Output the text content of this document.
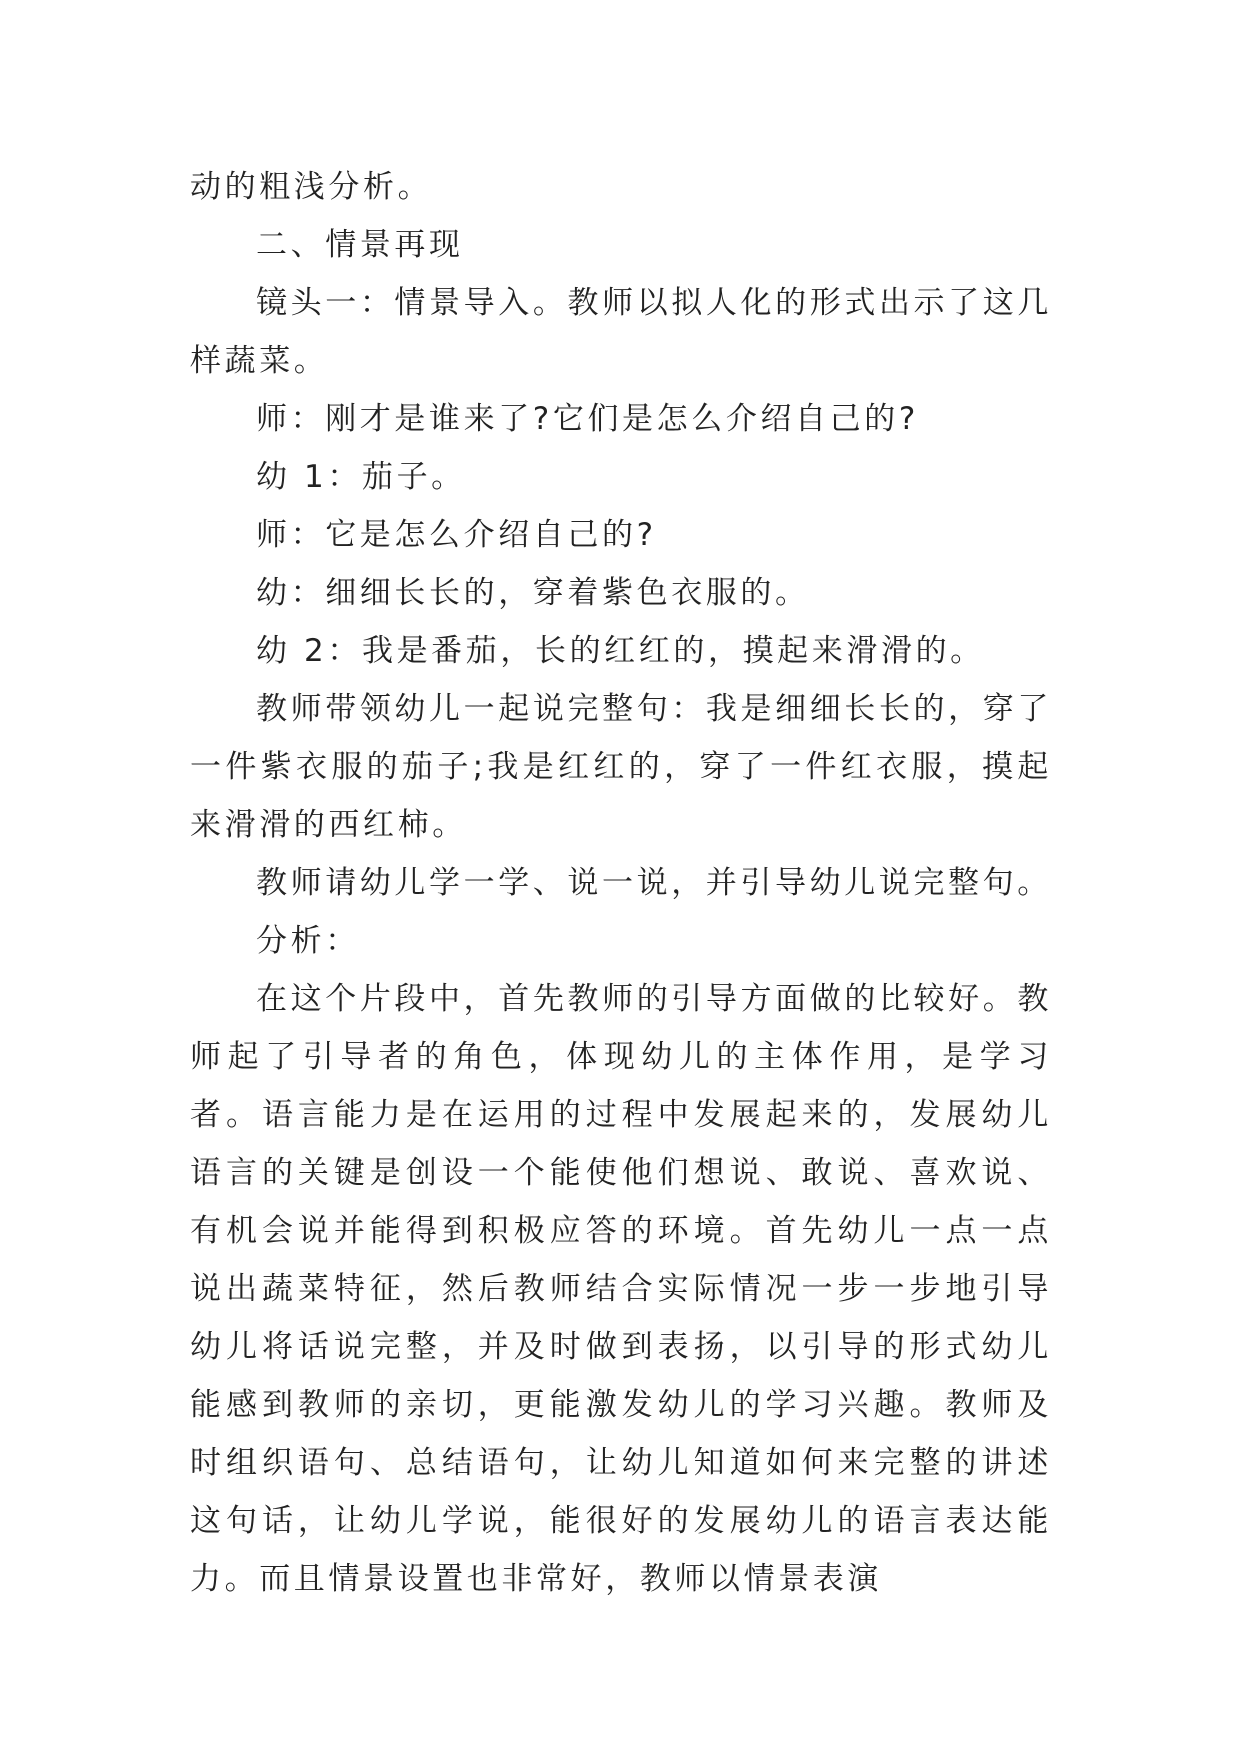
动的粗浅分析。

二、情景再现

镜头一：情景导入。教师以拟人化的形式出示了这几样蔬菜。

师：刚才是谁来了?它们是怎么介绍自己的?

幼 1：茄子。

师：它是怎么介绍自己的?

幼：细细长长的，穿着紫色衣服的。

幼 2：我是番茄，长的红红的，摸起来滑滑的。

教师带领幼儿一起说完整句：我是细细长长的，穿了一件紫衣服的茄子;我是红红的，穿了一件红衣服，摸起来滑滑的西红柿。

教师请幼儿学一学、说一说，并引导幼儿说完整句。

分析：

在这个片段中，首先教师的引导方面做的比较好。教师起了引导者的角色，体现幼儿的主体作用，是学习者。语言能力是在运用的过程中发展起来的，发展幼儿语言的关键是创设一个能使他们想说、敢说、喜欢说、有机会说并能得到积极应答的环境。首先幼儿一点一点说出蔬菜特征，然后教师结合实际情况一步一步地引导幼儿将话说完整，并及时做到表扬，以引导的形式幼儿能感到教师的亲切，更能激发幼儿的学习兴趣。教师及时组织语句、总结语句，让幼儿知道如何来完整的讲述这句话，让幼儿学说，能很好的发展幼儿的语言表达能力。而且情景设置也非常好，教师以情景表演
